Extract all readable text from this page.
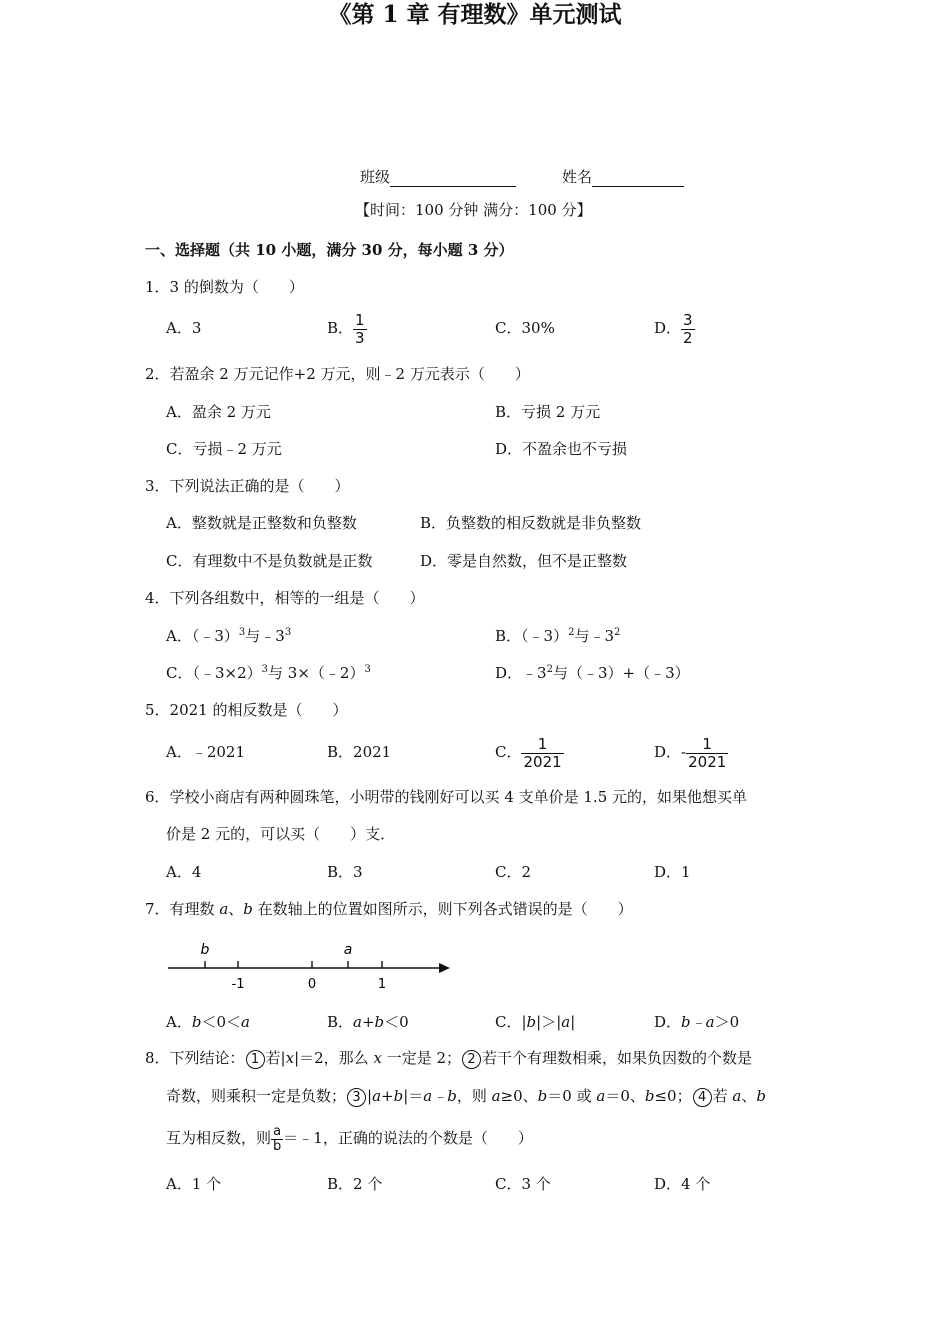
《第 1 章 有理数》单元测试
班级	姓名
【时间：100 分钟 满分：100 分】
一、选择题（共 10 小题，满分 30 分，每小题 3 分）
1．3 的倒数为（　　）
A．3	B． $\frac{1}{3}$	C．30%	D． $\frac{3}{2}$
2．若盈余 2 万元记作+2 万元，则﹣2 万元表示（　　）
A．盈余 2 万元	B．亏损 2 万元
C．亏损﹣2 万元	D．不盈余也不亏损
3．下列说法正确的是（　　）
A．整数就是正整数和负整数	B．负整数的相反数就是非负整数
C．有理数中不是负数就是正数	D．零是自然数，但不是正整数
4．下列各组数中，相等的一组是（　　）
A．（﹣3）$^3$与$﹣3^3$	B．（﹣3）$^2$与$﹣3^2$
C．（﹣3×2）$^3$与 3×（﹣2）$^3$	D．$﹣3^2$与（﹣3）+（﹣3）
5．2021 的相反数是（　　）
A．﹣2021	B．2021	C． $\frac{1}{2021}$	D．- $\frac{1}{2021}$
6．学校小商店有两种圆珠笔，小明带的钱刚好可以买 4 支单价是 1.5 元的，如果他想买单
价是 2 元的，可以买（　　）支．
A．4	B．3	C．2	D．1
7．有理数 a、b 在数轴上的位置如图所示，则下列各式错误的是（　　）
b	a
-1	0	1
A．b＜0＜a	B．a+b＜0	C．|b|＞|a|	D．b﹣a＞0
8．下列结论： 1 若|x|＝2，那么 x 一定是 2； 2 若干个有理数相乘，如果负因数的个数是
奇数，则乘积一定是负数； 3 |a+b|＝a﹣b，则 a≥0、b＝0 或 a＝0、b≤0； 4 若 a、b
互为相反数，则 $\frac{a}{b}$ ＝﹣1，正确的说法的个数是（　　）
A．1 个	B．2 个	C．3 个	D．4 个
